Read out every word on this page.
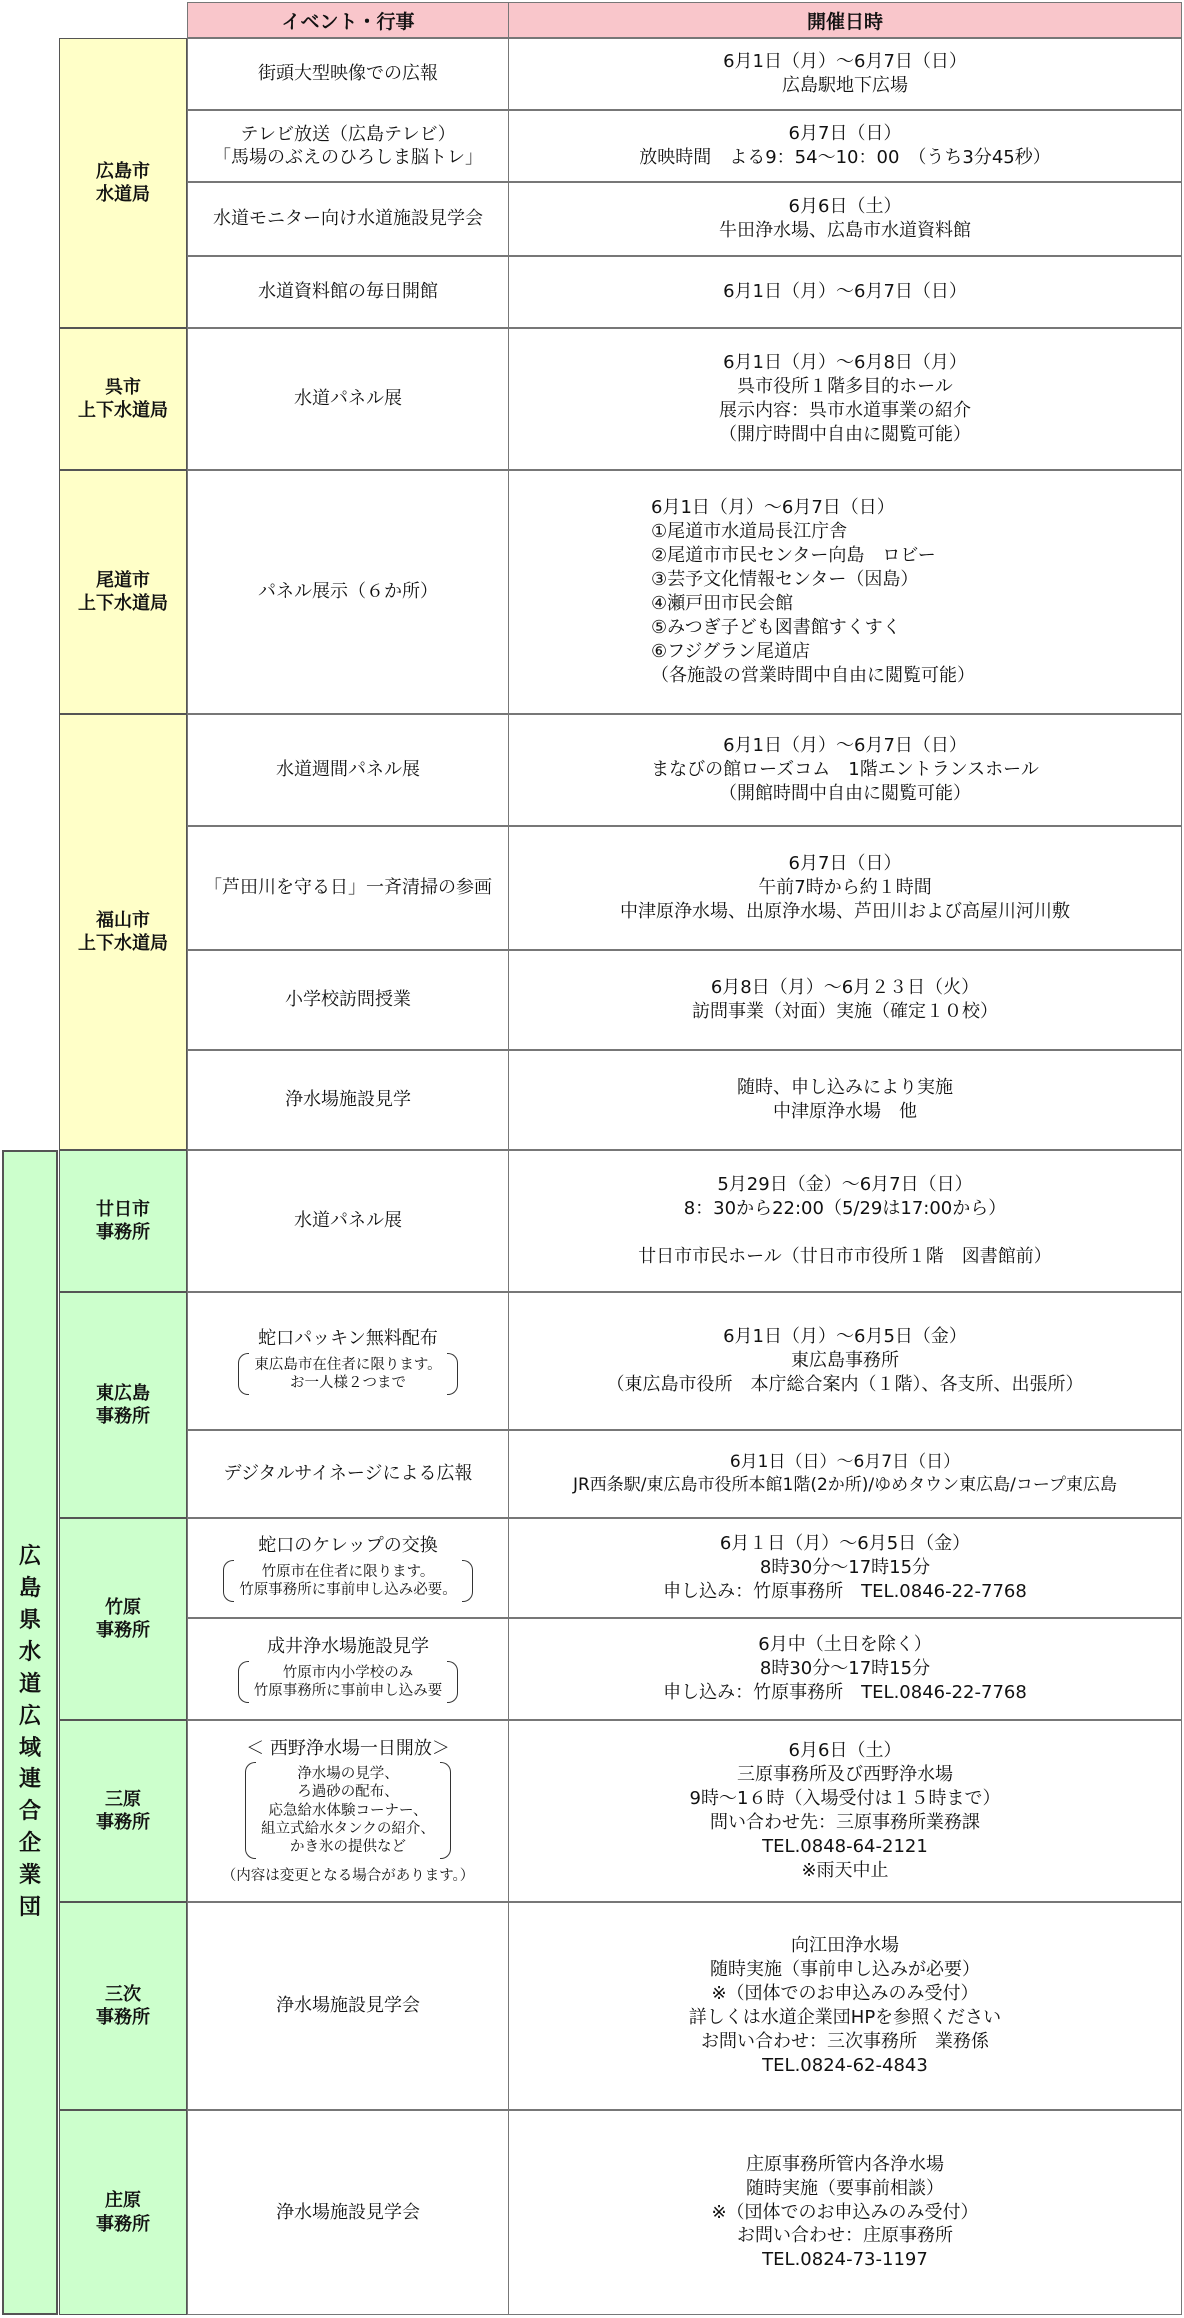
イベント・行事	開催日時
広
島
県
水
道
広
域
連
合
企
業
団
広島市
水道局
呉市
上下水道局
尾道市
上下水道局
福山市
上下水道局
廿日市
事務所
東広島
事務所
竹原
事務所
三原
事務所
三次
事務所
庄原
事務所
街頭大型映像での広報
6月1日（月）～6月7日（日）
広島駅地下広場
テレビ放送（広島テレビ）
「馬場のぶえのひろしま脳トレ」
6月7日（日）
放映時間　よる9：54～10：00　（うち3分45秒）
水道モニター向け水道施設見学会
6月6日（土）
牛田浄水場、広島市水道資料館
水道資料館の毎日開館	6月1日（月）～6月7日（日）
水道パネル展
6月1日（月）～6月8日（月）
呉市役所１階多目的ホール
展示内容：呉市水道事業の紹介
（開庁時間中自由に閲覧可能）
パネル展示（６か所）
6月1日（月）～6月7日（日）
①尾道市水道局長江庁舎
②尾道市市民センター向島　ロビー
③芸予文化情報センター（因島）
④瀬戸田市民会館
⑤みつぎ子ども図書館すくすく
⑥フジグラン尾道店
（各施設の営業時間中自由に閲覧可能）
水道週間パネル展
6月1日（月）～6月7日（日）
まなびの館ローズコム　1階エントランスホール
（開館時間中自由に閲覧可能）
「芦田川を守る日」一斉清掃の参画
6月7日（日）
午前7時から約１時間
中津原浄水場、出原浄水場、芦田川および高屋川河川敷
小学校訪問授業
6月8日（月）～6月２３日（火）
訪問事業（対面）実施（確定１０校）
浄水場施設見学
随時、申し込みにより実施
中津原浄水場　他
水道パネル展
5月29日（金）～6月7日（日）
8：30から22:00（5/29は17:00から）

廿日市市民ホール（廿日市市役所１階　図書館前）
蛇口パッキン無料配布
東広島市在住者に限ります。
お一人様２つまで
6月1日（月）～6月5日（金）
東広島事務所
（東広島市役所　本庁総合案内（１階）、各支所、出張所）
デジタルサイネージによる広報
6月1日（日）～6月7日（日）
JR西条駅/東広島市役所本館1階(2か所)/ゆめタウン東広島/コープ東広島
蛇口のケレップの交換
竹原市在住者に限ります。
竹原事務所に事前申し込み必要。
6月１日（月）～6月5日（金）
8時30分～17時15分
申し込み：竹原事務所　TEL.0846-22-7768
成井浄水場施設見学
竹原市内小学校のみ
竹原事務所に事前申し込み要
6月中（土日を除く）
8時30分～17時15分
申し込み：竹原事務所　TEL.0846-22-7768
＜ 西野浄水場一日開放＞
浄水場の見学、
ろ過砂の配布、
応急給水体験コーナー、
組立式給水タンクの紹介、
かき氷の提供など
（内容は変更となる場合があります。）
6月6日（土）
三原事務所及び西野浄水場
9時～1６時（入場受付は１５時まで）
問い合わせ先：三原事務所業務課
TEL.0848-64-2121
※雨天中止
浄水場施設見学会
向江田浄水場
随時実施（事前申し込みが必要）
※（団体でのお申込みのみ受付）
詳しくは水道企業団HPを参照ください
お問い合わせ：三次事務所　業務係
TEL.0824-62-4843
浄水場施設見学会
庄原事務所管内各浄水場
随時実施（要事前相談）
※（団体でのお申込みのみ受付）
お問い合わせ：庄原事務所
TEL.0824-73-1197
